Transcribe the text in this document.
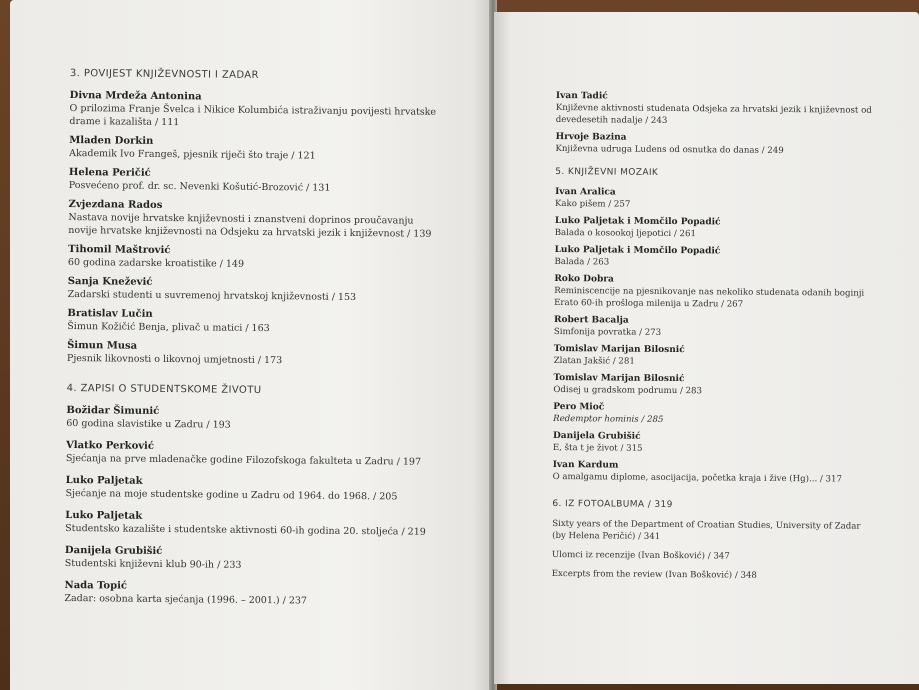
3. POVIJEST KNJIŽEVNOSTI I ZADAR
Divna Mrdeža Antonina
O prilozima Franje Švelca i Nikice Kolumbića istraživanju povijesti hrvatske
drame i kazališta / 111
Mladen Dorkin
Akademik Ivo Frangeš, pjesnik riječi što traje / 121
Helena Peričić
Posvećeno prof. dr. sc. Nevenki Košutić-Brozović / 131
Zvjezdana Rados
Nastava novije hrvatske književnosti i znanstveni doprinos proučavanju
novije hrvatske književnosti na Odsjeku za hrvatski jezik i književnost / 139
Tihomil Maštrović
60 godina zadarske kroatistike / 149
Sanja Knežević
Zadarski studenti u suvremenoj hrvatskoj književnosti / 153
Bratislav Lučin
Šimun Kožičić Benja, plivač u matici / 163
Šimun Musa
Pjesnik likovnosti o likovnoj umjetnosti / 173
4. ZAPISI O STUDENTSKOME ŽIVOTU
Božidar Šimunić
60 godina slavistike u Zadru / 193
Vlatko Perković
Sjećanja na prve mladenačke godine Filozofskoga fakulteta u Zadru / 197
Luko Paljetak
Sjećanje na moje studentske godine u Zadru od 1964. do 1968. / 205
Luko Paljetak
Studentsko kazalište i studentske aktivnosti 60-ih godina 20. stoljeća / 219
Danijela Grubišić
Studentski književni klub 90-ih / 233
Nada Topić
Zadar: osobna karta sjećanja (1996. – 2001.) / 237
Ivan Tadić
Književne aktivnosti studenata Odsjeka za hrvatski jezik i književnost od
devedesetih nadalje / 243
Hrvoje Bazina
Književna udruga Ludens od osnutka do danas / 249
5. KNJIŽEVNI MOZAIK
Ivan Aralica
Kako pišem / 257
Luko Paljetak i Momčilo Popadić
Balada o kosookoj ljepotici / 261
Luko Paljetak i Momčilo Popadić
Balada / 263
Roko Dobra
Reminiscencije na pjesnikovanje nas nekoliko studenata odanih boginji
Erato 60-ih prošloga milenija u Zadru / 267
Robert Bacalja
Simfonija povratka / 273
Tomislav Marijan Bilosnić
Zlatan Jakšić / 281
Tomislav Marijan Bilosnić
Odisej u gradskom podrumu / 283
Pero Mioč
Redemptor hominis / 285
Danijela Grubišić
E, šta t je život / 315
Ivan Kardum
O amalgamu diplome, asocijacija, početka kraja i žive (Hg)... / 317
6. IZ FOTOALBUMA / 319
Sixty years of the Department of Croatian Studies, University of Zadar
(by Helena Peričić) / 341
Ulomci iz recenzije (Ivan Bošković) / 347
Excerpts from the review (Ivan Bošković) / 348
